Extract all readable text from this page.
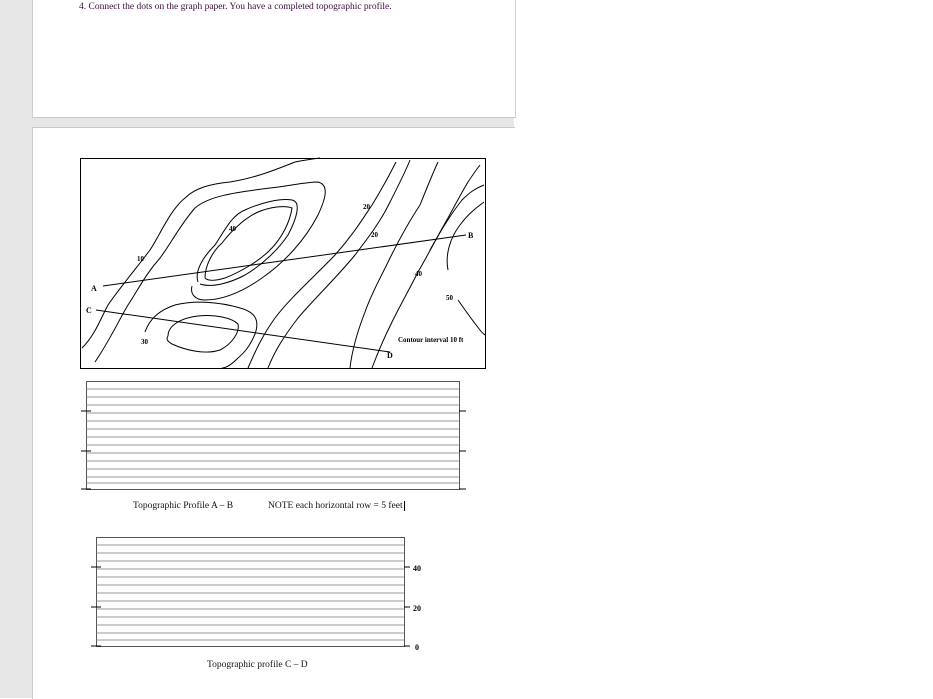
4. Connect the dots on the graph paper. You have a completed topographic profile.
A
B
C
D
10
40
20
20
40
50
30	Contour interval 10 ft
40
20
0
Topographic Profile A – B	NOTE each horizontal row = 5 feet
Topographic profile C – D
